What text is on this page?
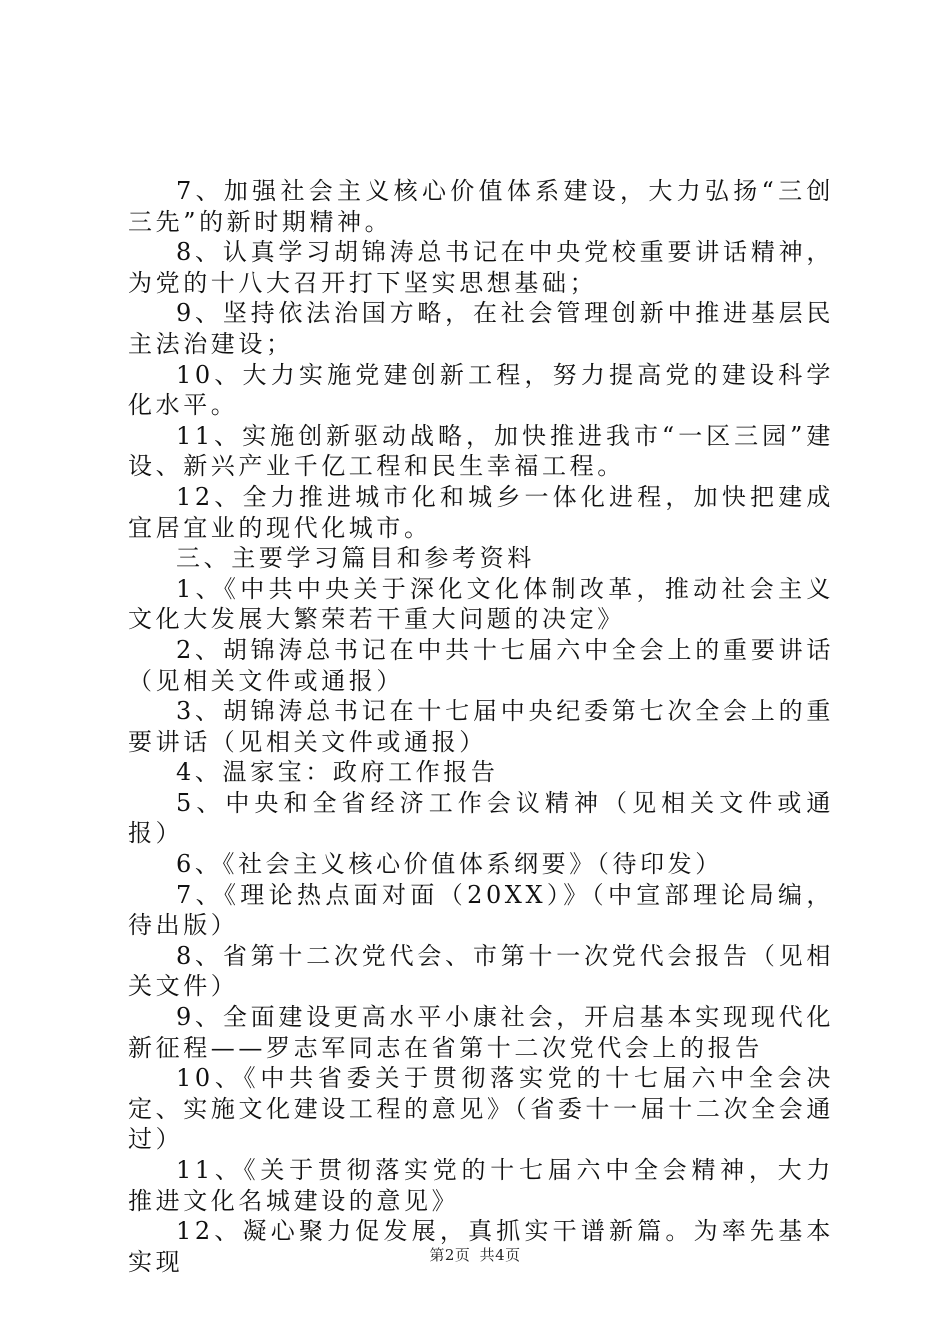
7、加强社会主义核心价值体系建设，大力弘扬“三创三先”的新时期精神。

8、认真学习胡锦涛总书记在中央党校重要讲话精神，为党的十八大召开打下坚实思想基础；

9、坚持依法治国方略，在社会管理创新中推进基层民主法治建设；

10、大力实施党建创新工程，努力提高党的建设科学化水平。

11、实施创新驱动战略，加快推进我市“一区三园”建设、新兴产业千亿工程和民生幸福工程。

12、全力推进城市化和城乡一体化进程，加快把建成宜居宜业的现代化城市。

三、主要学习篇目和参考资料

1、《中共中央关于深化文化体制改革，推动社会主义文化大发展大繁荣若干重大问题的决定》

2、胡锦涛总书记在中共十七届六中全会上的重要讲话（见相关文件或通报）

3、胡锦涛总书记在十七届中央纪委第七次全会上的重要讲话（见相关文件或通报）

4、温家宝：政府工作报告

5、中央和全省经济工作会议精神（见相关文件或通报）

6、《社会主义核心价值体系纲要》（待印发）

7、《理论热点面对面（20XX）》（中宣部理论局编，待出版）

8、省第十二次党代会、市第十一次党代会报告（见相关文件）

9、全面建设更高水平小康社会，开启基本实现现代化新征程——罗志军同志在省第十二次党代会上的报告

10、《中共省委关于贯彻落实党的十七届六中全会决定、实施文化建设工程的意见》（省委十一届十二次全会通过）

11、《关于贯彻落实党的十七届六中全会精神，大力推进文化名城建设的意见》

12、凝心聚力促发展，真抓实干谱新篇。为率先基本实现	第2页 共4页
